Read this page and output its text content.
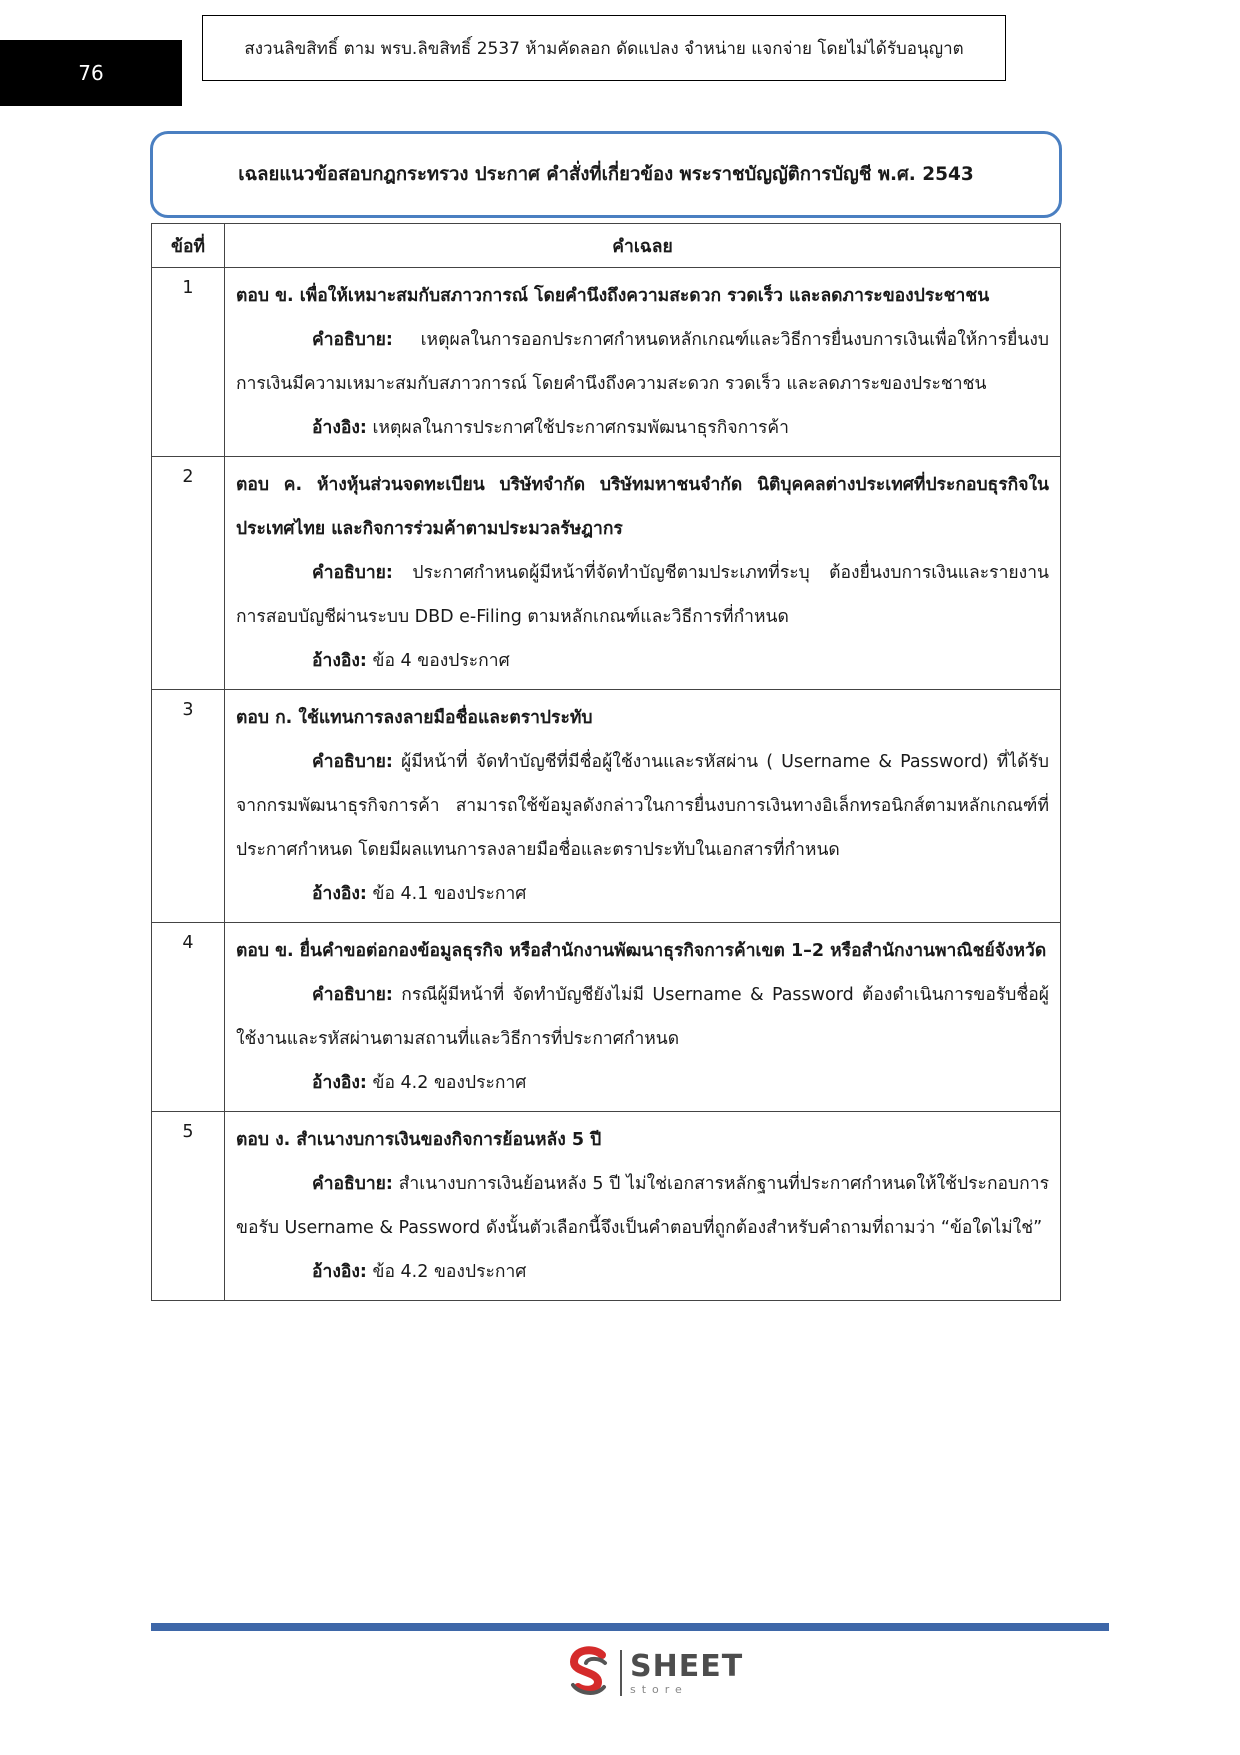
76
สงวนลิขสิทธิ์ ตาม พรบ.ลิขสิทธิ์ 2537 ห้ามคัดลอก ดัดแปลง จำหน่าย แจกจ่าย โดยไม่ได้รับอนุญาต
เฉลยแนวข้อสอบกฎกระทรวง ประกาศ คำสั่งที่เกี่ยวข้อง พระราชบัญญัติการบัญชี พ.ศ. 2543
ข้อที่	คำเฉลย
1	ตอบ ข. เพื่อให้เหมาะสมกับสภาวการณ์ โดยคำนึงถึงความสะดวก รวดเร็ว และลดภาระของประชาชน

คำอธิบาย: เหตุผลในการออกประกาศกำหนดหลักเกณฑ์และวิธีการยื่นงบการเงินเพื่อให้การยื่นงบการเงินมีความเหมาะสมกับสภาวการณ์ โดยคำนึงถึงความสะดวก รวดเร็ว และลดภาระของประชาชน

อ้างอิง: เหตุผลในการประกาศใช้ประกาศกรมพัฒนาธุรกิจการค้า

2	ตอบ ค. ห้างหุ้นส่วนจดทะเบียน บริษัทจำกัด บริษัทมหาชนจำกัด นิติบุคคลต่างประเทศที่ประกอบธุรกิจในประเทศไทย และกิจการร่วมค้าตามประมวลรัษฎากร

คำอธิบาย: ประกาศกำหนดผู้มีหน้าที่จัดทำบัญชีตามประเภทที่ระบุ ต้องยื่นงบการเงินและรายงานการสอบบัญชีผ่านระบบ DBD e-Filing ตามหลักเกณฑ์และวิธีการที่กำหนด

อ้างอิง: ข้อ 4 ของประกาศ

3	ตอบ ก. ใช้แทนการลงลายมือชื่อและตราประทับ

คำอธิบาย: ผู้มีหน้าที่ จัดทำบัญชีที่มีชื่อผู้ใช้งานและรหัสผ่าน ( Username & Password) ที่ได้รับจากกรมพัฒนาธุรกิจการค้า สามารถใช้ข้อมูลดังกล่าวในการยื่นงบการเงินทางอิเล็กทรอนิกส์ตามหลักเกณฑ์ที่ประกาศกำหนด โดยมีผลแทนการลงลายมือชื่อและตราประทับในเอกสารที่กำหนด

อ้างอิง: ข้อ 4.1 ของประกาศ

4	ตอบ ข. ยื่นคำขอต่อกองข้อมูลธุรกิจ หรือสำนักงานพัฒนาธุรกิจการค้าเขต 1–2 หรือสำนักงานพาณิชย์จังหวัด

คำอธิบาย: กรณีผู้มีหน้าที่ จัดทำบัญชียังไม่มี Username & Password ต้องดำเนินการขอรับชื่อผู้ใช้งานและรหัสผ่านตามสถานที่และวิธีการที่ประกาศกำหนด

อ้างอิง: ข้อ 4.2 ของประกาศ

5	ตอบ ง. สำเนางบการเงินของกิจการย้อนหลัง 5 ปี

คำอธิบาย: สำเนางบการเงินย้อนหลัง 5 ปี ไม่ใช่เอกสารหลักฐานที่ประกาศกำหนดให้ใช้ประกอบการขอรับ Username & Password ดังนั้นตัวเลือกนี้จึงเป็นคำตอบที่ถูกต้องสำหรับคำถามที่ถามว่า “ข้อใดไม่ใช่”

อ้างอิง: ข้อ 4.2 ของประกาศ
SHEET
store
